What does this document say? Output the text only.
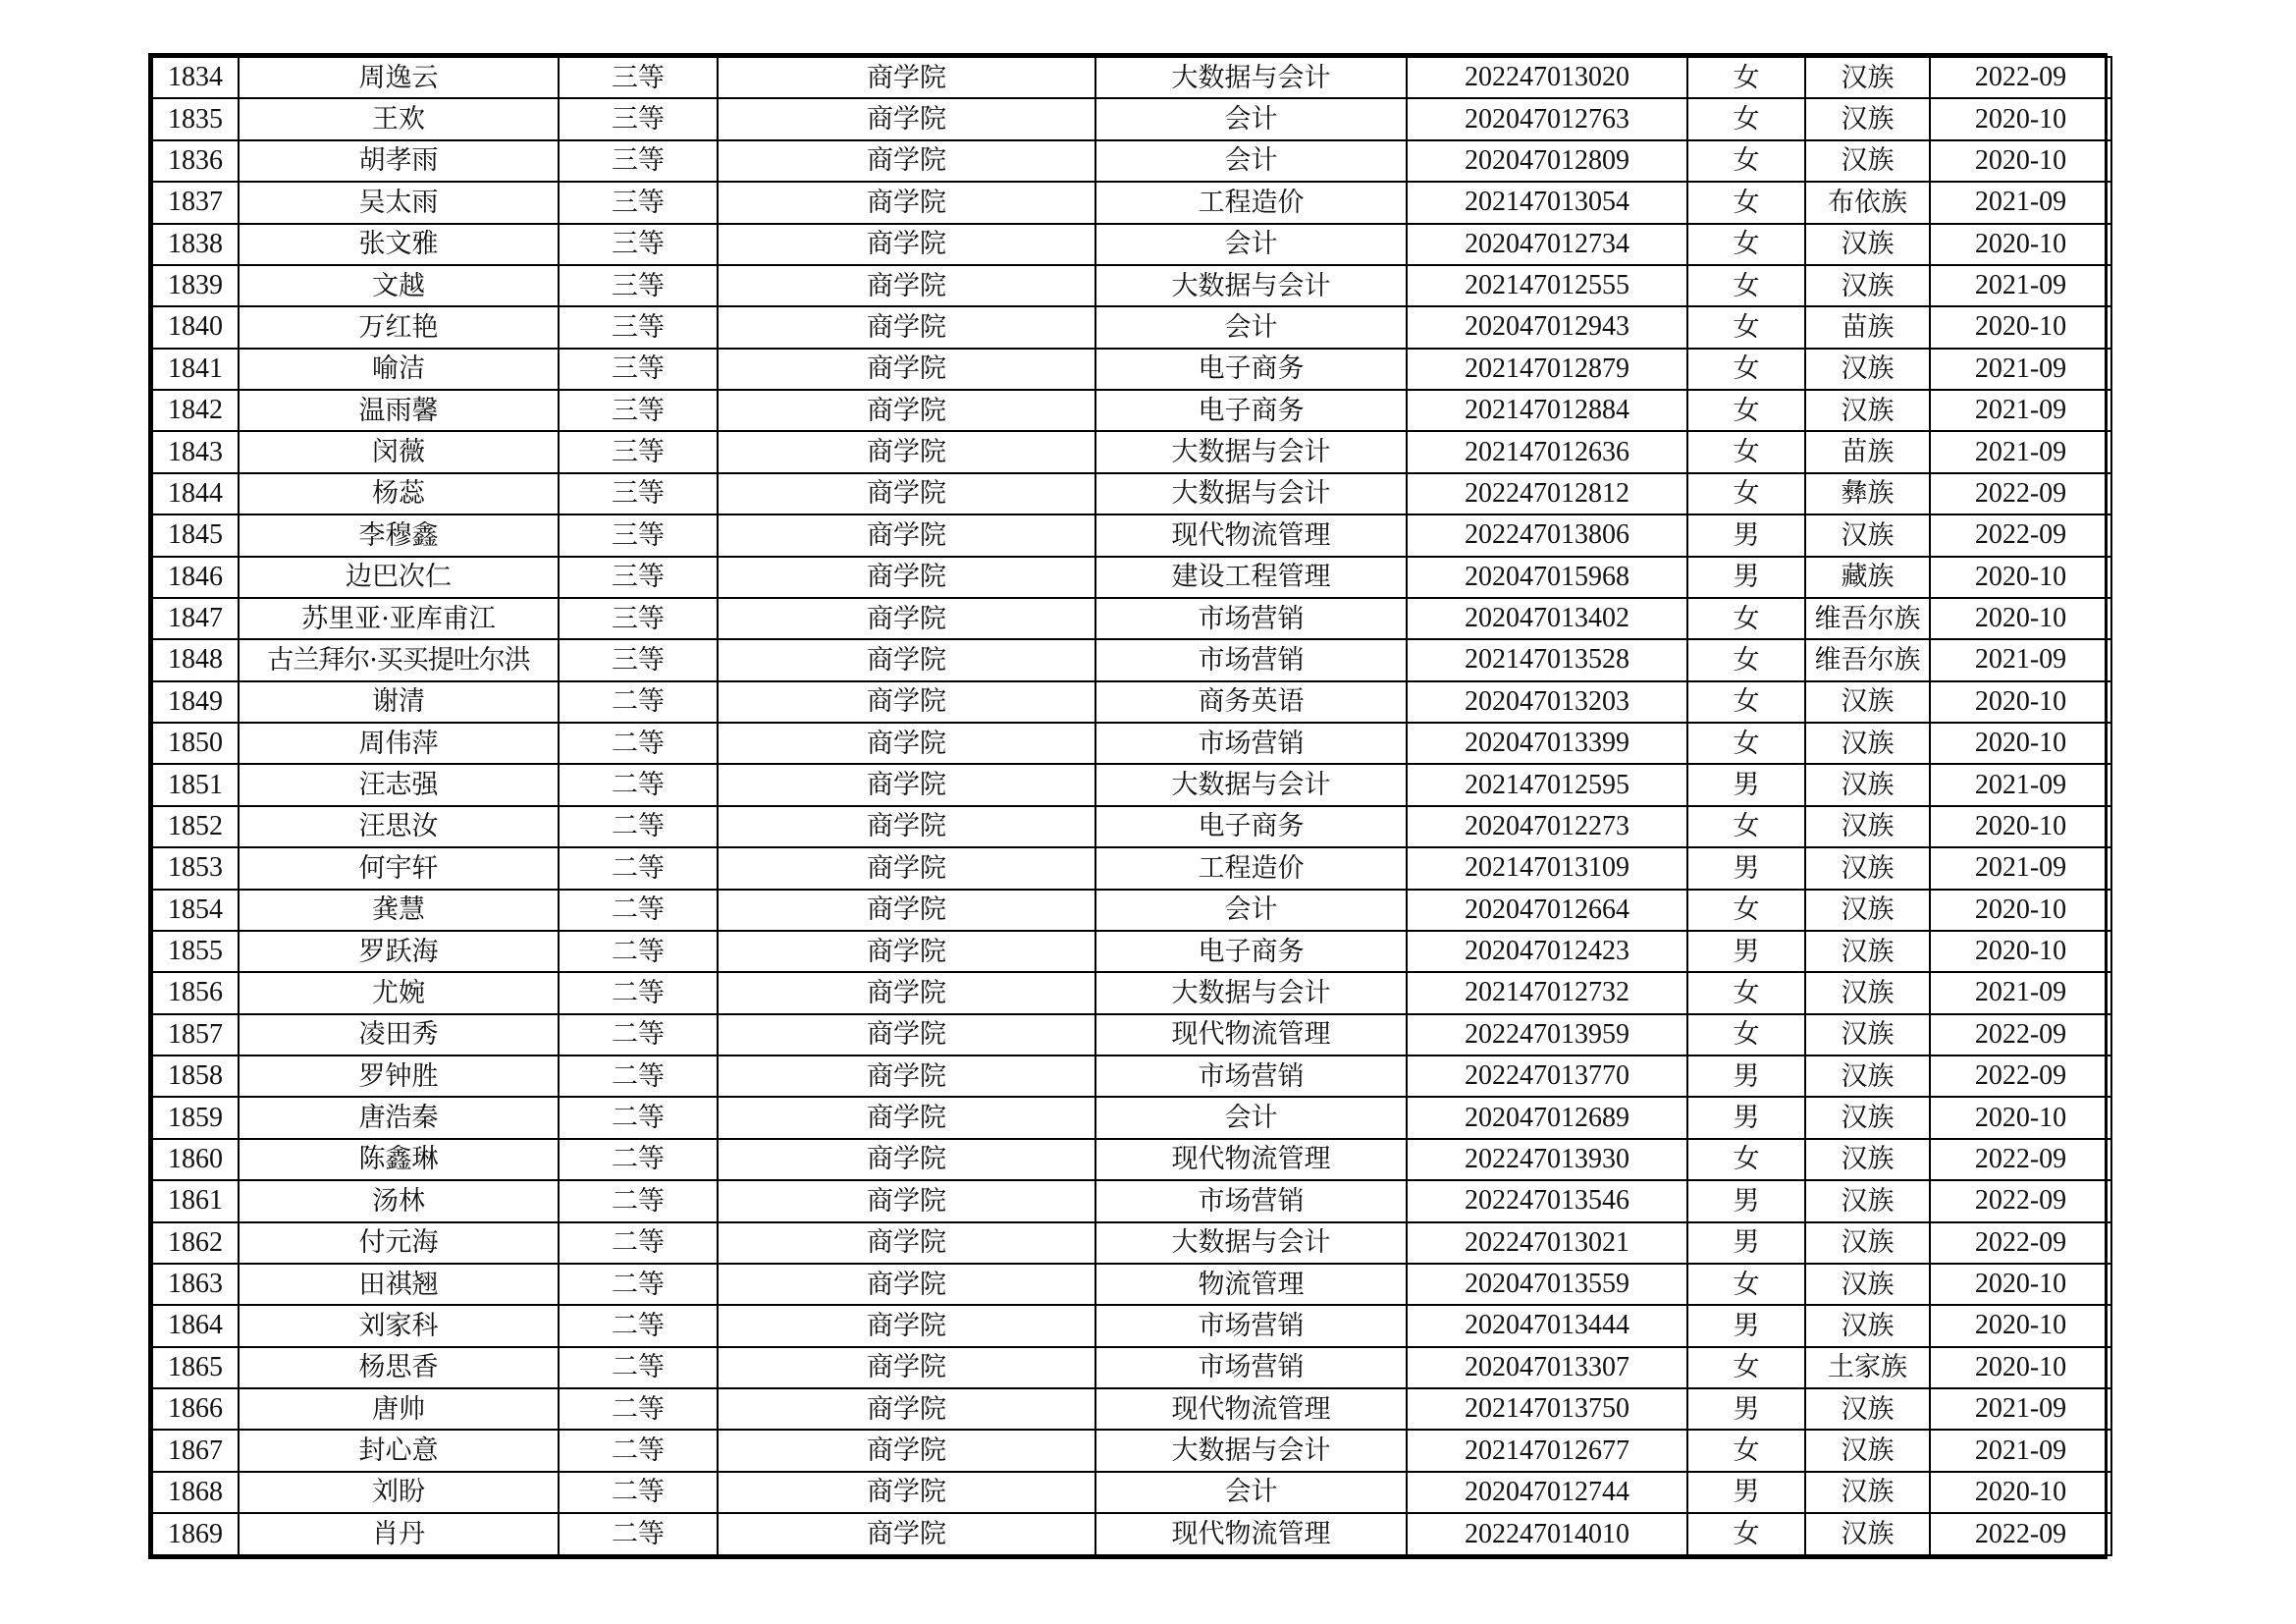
1834	周逸云	三等	商学院	大数据与会计	202247013020	女	汉族	2022-09
1835	王欢	三等	商学院	会计	202047012763	女	汉族	2020-10
1836	胡孝雨	三等	商学院	会计	202047012809	女	汉族	2020-10
1837	吴太雨	三等	商学院	工程造价	202147013054	女	布依族	2021-09
1838	张文雅	三等	商学院	会计	202047012734	女	汉族	2020-10
1839	文越	三等	商学院	大数据与会计	202147012555	女	汉族	2021-09
1840	万红艳	三等	商学院	会计	202047012943	女	苗族	2020-10
1841	喻洁	三等	商学院	电子商务	202147012879	女	汉族	2021-09
1842	温雨馨	三等	商学院	电子商务	202147012884	女	汉族	2021-09
1843	闵薇	三等	商学院	大数据与会计	202147012636	女	苗族	2021-09
1844	杨蕊	三等	商学院	大数据与会计	202247012812	女	彝族	2022-09
1845	李穆鑫	三等	商学院	现代物流管理	202247013806	男	汉族	2022-09
1846	边巴次仁	三等	商学院	建设工程管理	202047015968	男	藏族	2020-10
1847	苏里亚·亚库甫江	三等	商学院	市场营销	202047013402	女	维吾尔族	2020-10
1848	古兰拜尔·买买提吐尔洪	三等	商学院	市场营销	202147013528	女	维吾尔族	2021-09
1849	谢清	二等	商学院	商务英语	202047013203	女	汉族	2020-10
1850	周伟萍	二等	商学院	市场营销	202047013399	女	汉族	2020-10
1851	汪志强	二等	商学院	大数据与会计	202147012595	男	汉族	2021-09
1852	汪思汝	二等	商学院	电子商务	202047012273	女	汉族	2020-10
1853	何宇轩	二等	商学院	工程造价	202147013109	男	汉族	2021-09
1854	龚慧	二等	商学院	会计	202047012664	女	汉族	2020-10
1855	罗跃海	二等	商学院	电子商务	202047012423	男	汉族	2020-10
1856	尤婉	二等	商学院	大数据与会计	202147012732	女	汉族	2021-09
1857	凌田秀	二等	商学院	现代物流管理	202247013959	女	汉族	2022-09
1858	罗钟胜	二等	商学院	市场营销	202247013770	男	汉族	2022-09
1859	唐浩秦	二等	商学院	会计	202047012689	男	汉族	2020-10
1860	陈鑫琳	二等	商学院	现代物流管理	202247013930	女	汉族	2022-09
1861	汤林	二等	商学院	市场营销	202247013546	男	汉族	2022-09
1862	付元海	二等	商学院	大数据与会计	202247013021	男	汉族	2022-09
1863	田祺翘	二等	商学院	物流管理	202047013559	女	汉族	2020-10
1864	刘家科	二等	商学院	市场营销	202047013444	男	汉族	2020-10
1865	杨思香	二等	商学院	市场营销	202047013307	女	土家族	2020-10
1866	唐帅	二等	商学院	现代物流管理	202147013750	男	汉族	2021-09
1867	封心意	二等	商学院	大数据与会计	202147012677	女	汉族	2021-09
1868	刘盼	二等	商学院	会计	202047012744	男	汉族	2020-10
1869	肖丹	二等	商学院	现代物流管理	202247014010	女	汉族	2022-09
